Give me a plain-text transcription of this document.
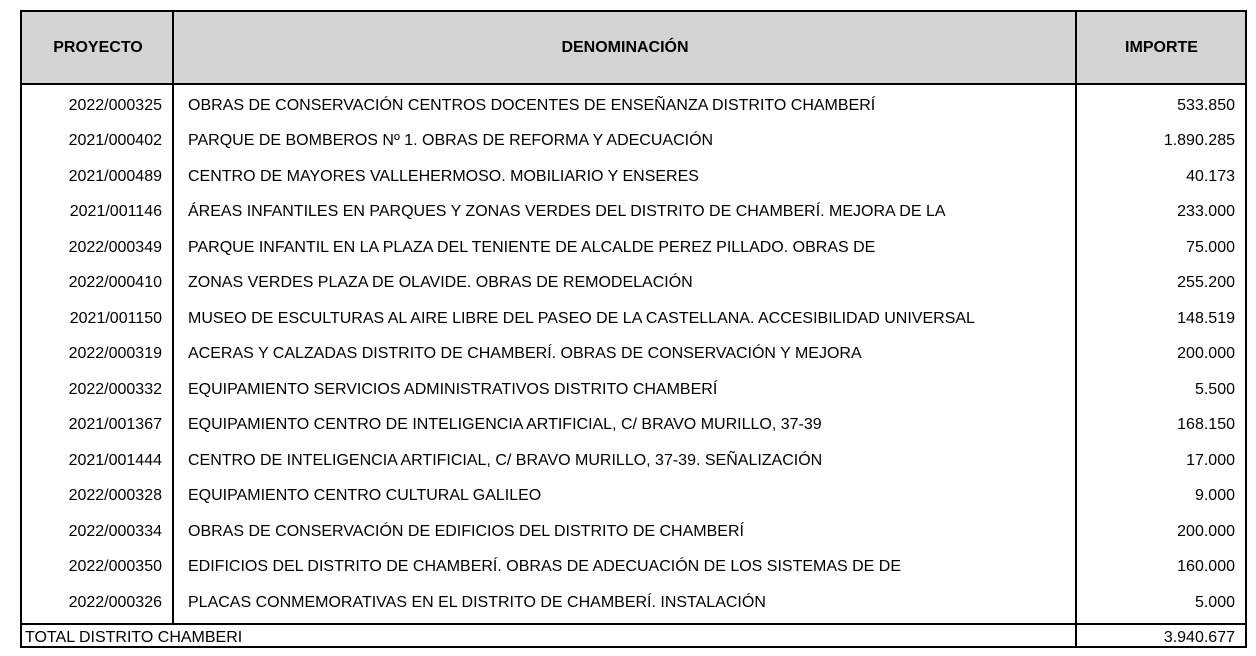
PROYECTO	DENOMINACIÓN	IMPORTE
2022/000325 OBRAS DE CONSERVACIÓN CENTROS DOCENTES DE ENSEÑANZA DISTRITO CHAMBERÍ	533.850
2021/000402 PARQUE DE BOMBEROS Nº 1. OBRAS DE REFORMA Y ADECUACIÓN	1.890.285
2021/000489 CENTRO DE MAYORES VALLEHERMOSO. MOBILIARIO Y ENSERES	40.173
2021/001146 ÁREAS INFANTILES EN PARQUES Y ZONAS VERDES DEL DISTRITO DE CHAMBERÍ. MEJORA DE LA	233.000
2022/000349 PARQUE INFANTIL EN LA PLAZA DEL TENIENTE DE ALCALDE PEREZ PILLADO. OBRAS DE	75.000
2022/000410 ZONAS VERDES PLAZA DE OLAVIDE. OBRAS DE REMODELACIÓN	255.200
2021/001150 MUSEO DE ESCULTURAS AL AIRE LIBRE DEL PASEO DE LA CASTELLANA. ACCESIBILIDAD UNIVERSAL	148.519
2022/000319 ACERAS Y CALZADAS DISTRITO DE CHAMBERÍ. OBRAS DE CONSERVACIÓN Y MEJORA	200.000
2022/000332 EQUIPAMIENTO SERVICIOS ADMINISTRATIVOS DISTRITO CHAMBERÍ	5.500
2021/001367 EQUIPAMIENTO CENTRO DE INTELIGENCIA ARTIFICIAL, C/ BRAVO MURILLO, 37-39	168.150
2021/001444 CENTRO DE INTELIGENCIA ARTIFICIAL, C/ BRAVO MURILLO, 37-39. SEÑALIZACIÓN	17.000
2022/000328 EQUIPAMIENTO CENTRO CULTURAL GALILEO	9.000
2022/000334 OBRAS DE CONSERVACIÓN DE EDIFICIOS DEL DISTRITO DE CHAMBERÍ	200.000
2022/000350 EDIFICIOS DEL DISTRITO DE CHAMBERÍ. OBRAS DE ADECUACIÓN DE LOS SISTEMAS DE DE	160.000
2022/000326 PLACAS CONMEMORATIVAS EN EL DISTRITO DE CHAMBERÍ. INSTALACIÓN	5.000
TOTAL DISTRITO CHAMBERI	3.940.677
